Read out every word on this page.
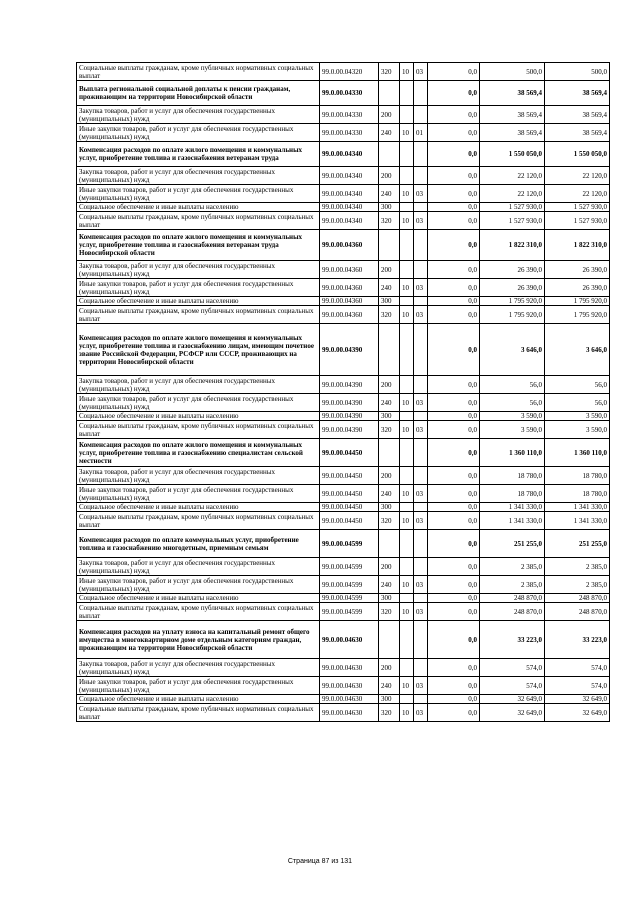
Социальные выплаты гражданам, кроме публичных нормативных социальных выплат	99.0.00.04320	320	10	03	0,0	500,0	500,0
Выплата региональной социальной доплаты к пенсии гражданам, проживающим на территории Новосибирской области	99.0.00.04330				0,0	38 569,4	38 569,4
Закупка товаров, работ и услуг для обеспечения государственных (муниципальных) нужд	99.0.00.04330	200			0,0	38 569,4	38 569,4
Иные закупки товаров, работ и услуг для обеспечения государственных (муниципальных) нужд	99.0.00.04330	240	10	01	0,0	38 569,4	38 569,4
Компенсация расходов по оплате жилого помещения и коммунальных услуг, приобретение топлива и газоснабжения ветеранам труда	99.0.00.04340				0,0	1 550 050,0	1 550 050,0
Закупка товаров, работ и услуг для обеспечения государственных (муниципальных) нужд	99.0.00.04340	200			0,0	22 120,0	22 120,0
Иные закупки товаров, работ и услуг для обеспечения государственных (муниципальных) нужд	99.0.00.04340	240	10	03	0,0	22 120,0	22 120,0
Социальное обеспечение и иные выплаты населению	99.0.00.04340	300			0,0	1 527 930,0	1 527 930,0
Социальные выплаты гражданам, кроме публичных нормативных социальных выплат	99.0.00.04340	320	10	03	0,0	1 527 930,0	1 527 930,0
Компенсация расходов по оплате жилого помещения и коммунальных услуг, приобретение топлива и газоснабжения ветеранам труда Новосибирской области	99.0.00.04360				0,0	1 822 310,0	1 822 310,0
Закупка товаров, работ и услуг для обеспечения государственных (муниципальных) нужд	99.0.00.04360	200			0,0	26 390,0	26 390,0
Иные закупки товаров, работ и услуг для обеспечения государственных (муниципальных) нужд	99.0.00.04360	240	10	03	0,0	26 390,0	26 390,0
Социальное обеспечение и иные выплаты населению	99.0.00.04360	300			0,0	1 795 920,0	1 795 920,0
Социальные выплаты гражданам, кроме публичных нормативных социальных выплат	99.0.00.04360	320	10	03	0,0	1 795 920,0	1 795 920,0
Компенсация расходов по оплате жилого помещения и коммунальных услуг, приобретение топлива и газоснабжению лицам, имеющим почетное звание Российской Федерации, РСФСР или СССР, проживающих на территории Новосибирской области	99.0.00.04390				0,0	3 646,0	3 646,0
Закупка товаров, работ и услуг для обеспечения государственных (муниципальных) нужд	99.0.00.04390	200			0,0	56,0	56,0
Иные закупки товаров, работ и услуг для обеспечения государственных (муниципальных) нужд	99.0.00.04390	240	10	03	0,0	56,0	56,0
Социальное обеспечение и иные выплаты населению	99.0.00.04390	300			0,0	3 590,0	3 590,0
Социальные выплаты гражданам, кроме публичных нормативных социальных выплат	99.0.00.04390	320	10	03	0,0	3 590,0	3 590,0
Компенсация расходов по оплате жилого помещения и коммунальных услуг, приобретение топлива и газоснабжению специалистам сельской местности	99.0.00.04450				0,0	1 360 110,0	1 360 110,0
Закупка товаров, работ и услуг для обеспечения государственных (муниципальных) нужд	99.0.00.04450	200			0,0	18 780,0	18 780,0
Иные закупки товаров, работ и услуг для обеспечения государственных (муниципальных) нужд	99.0.00.04450	240	10	03	0,0	18 780,0	18 780,0
Социальное обеспечение и иные выплаты населению	99.0.00.04450	300			0,0	1 341 330,0	1 341 330,0
Социальные выплаты гражданам, кроме публичных нормативных социальных выплат	99.0.00.04450	320	10	03	0,0	1 341 330,0	1 341 330,0
Компенсация расходов по оплате коммунальных услуг, приобретение топлива и газоснабжению многодетным, приемным семьям	99.0.00.04599				0,0	251 255,0	251 255,0
Закупка товаров, работ и услуг для обеспечения государственных (муниципальных) нужд	99.0.00.04599	200			0,0	2 385,0	2 385,0
Иные закупки товаров, работ и услуг для обеспечения государственных (муниципальных) нужд	99.0.00.04599	240	10	03	0,0	2 385,0	2 385,0
Социальное обеспечение и иные выплаты населению	99.0.00.04599	300			0,0	248 870,0	248 870,0
Социальные выплаты гражданам, кроме публичных нормативных социальных выплат	99.0.00.04599	320	10	03	0,0	248 870,0	248 870,0
Компенсация расходов на уплату взноса на капитальный ремонт общего имущества в многоквартирном доме отдельным категориям граждан, проживающим на территории Новосибирской области	99.0.00.04630				0,0	33 223,0	33 223,0
Закупка товаров, работ и услуг для обеспечения государственных (муниципальных) нужд	99.0.00.04630	200			0,0	574,0	574,0
Иные закупки товаров, работ и услуг для обеспечения государственных (муниципальных) нужд	99.0.00.04630	240	10	03	0,0	574,0	574,0
Социальное обеспечение и иные выплаты населению	99.0.00.04630	300			0,0	32 649,0	32 649,0
Социальные выплаты гражданам, кроме публичных нормативных социальных выплат	99.0.00.04630	320	10	03	0,0	32 649,0	32 649,0
Страница 87 из 131
